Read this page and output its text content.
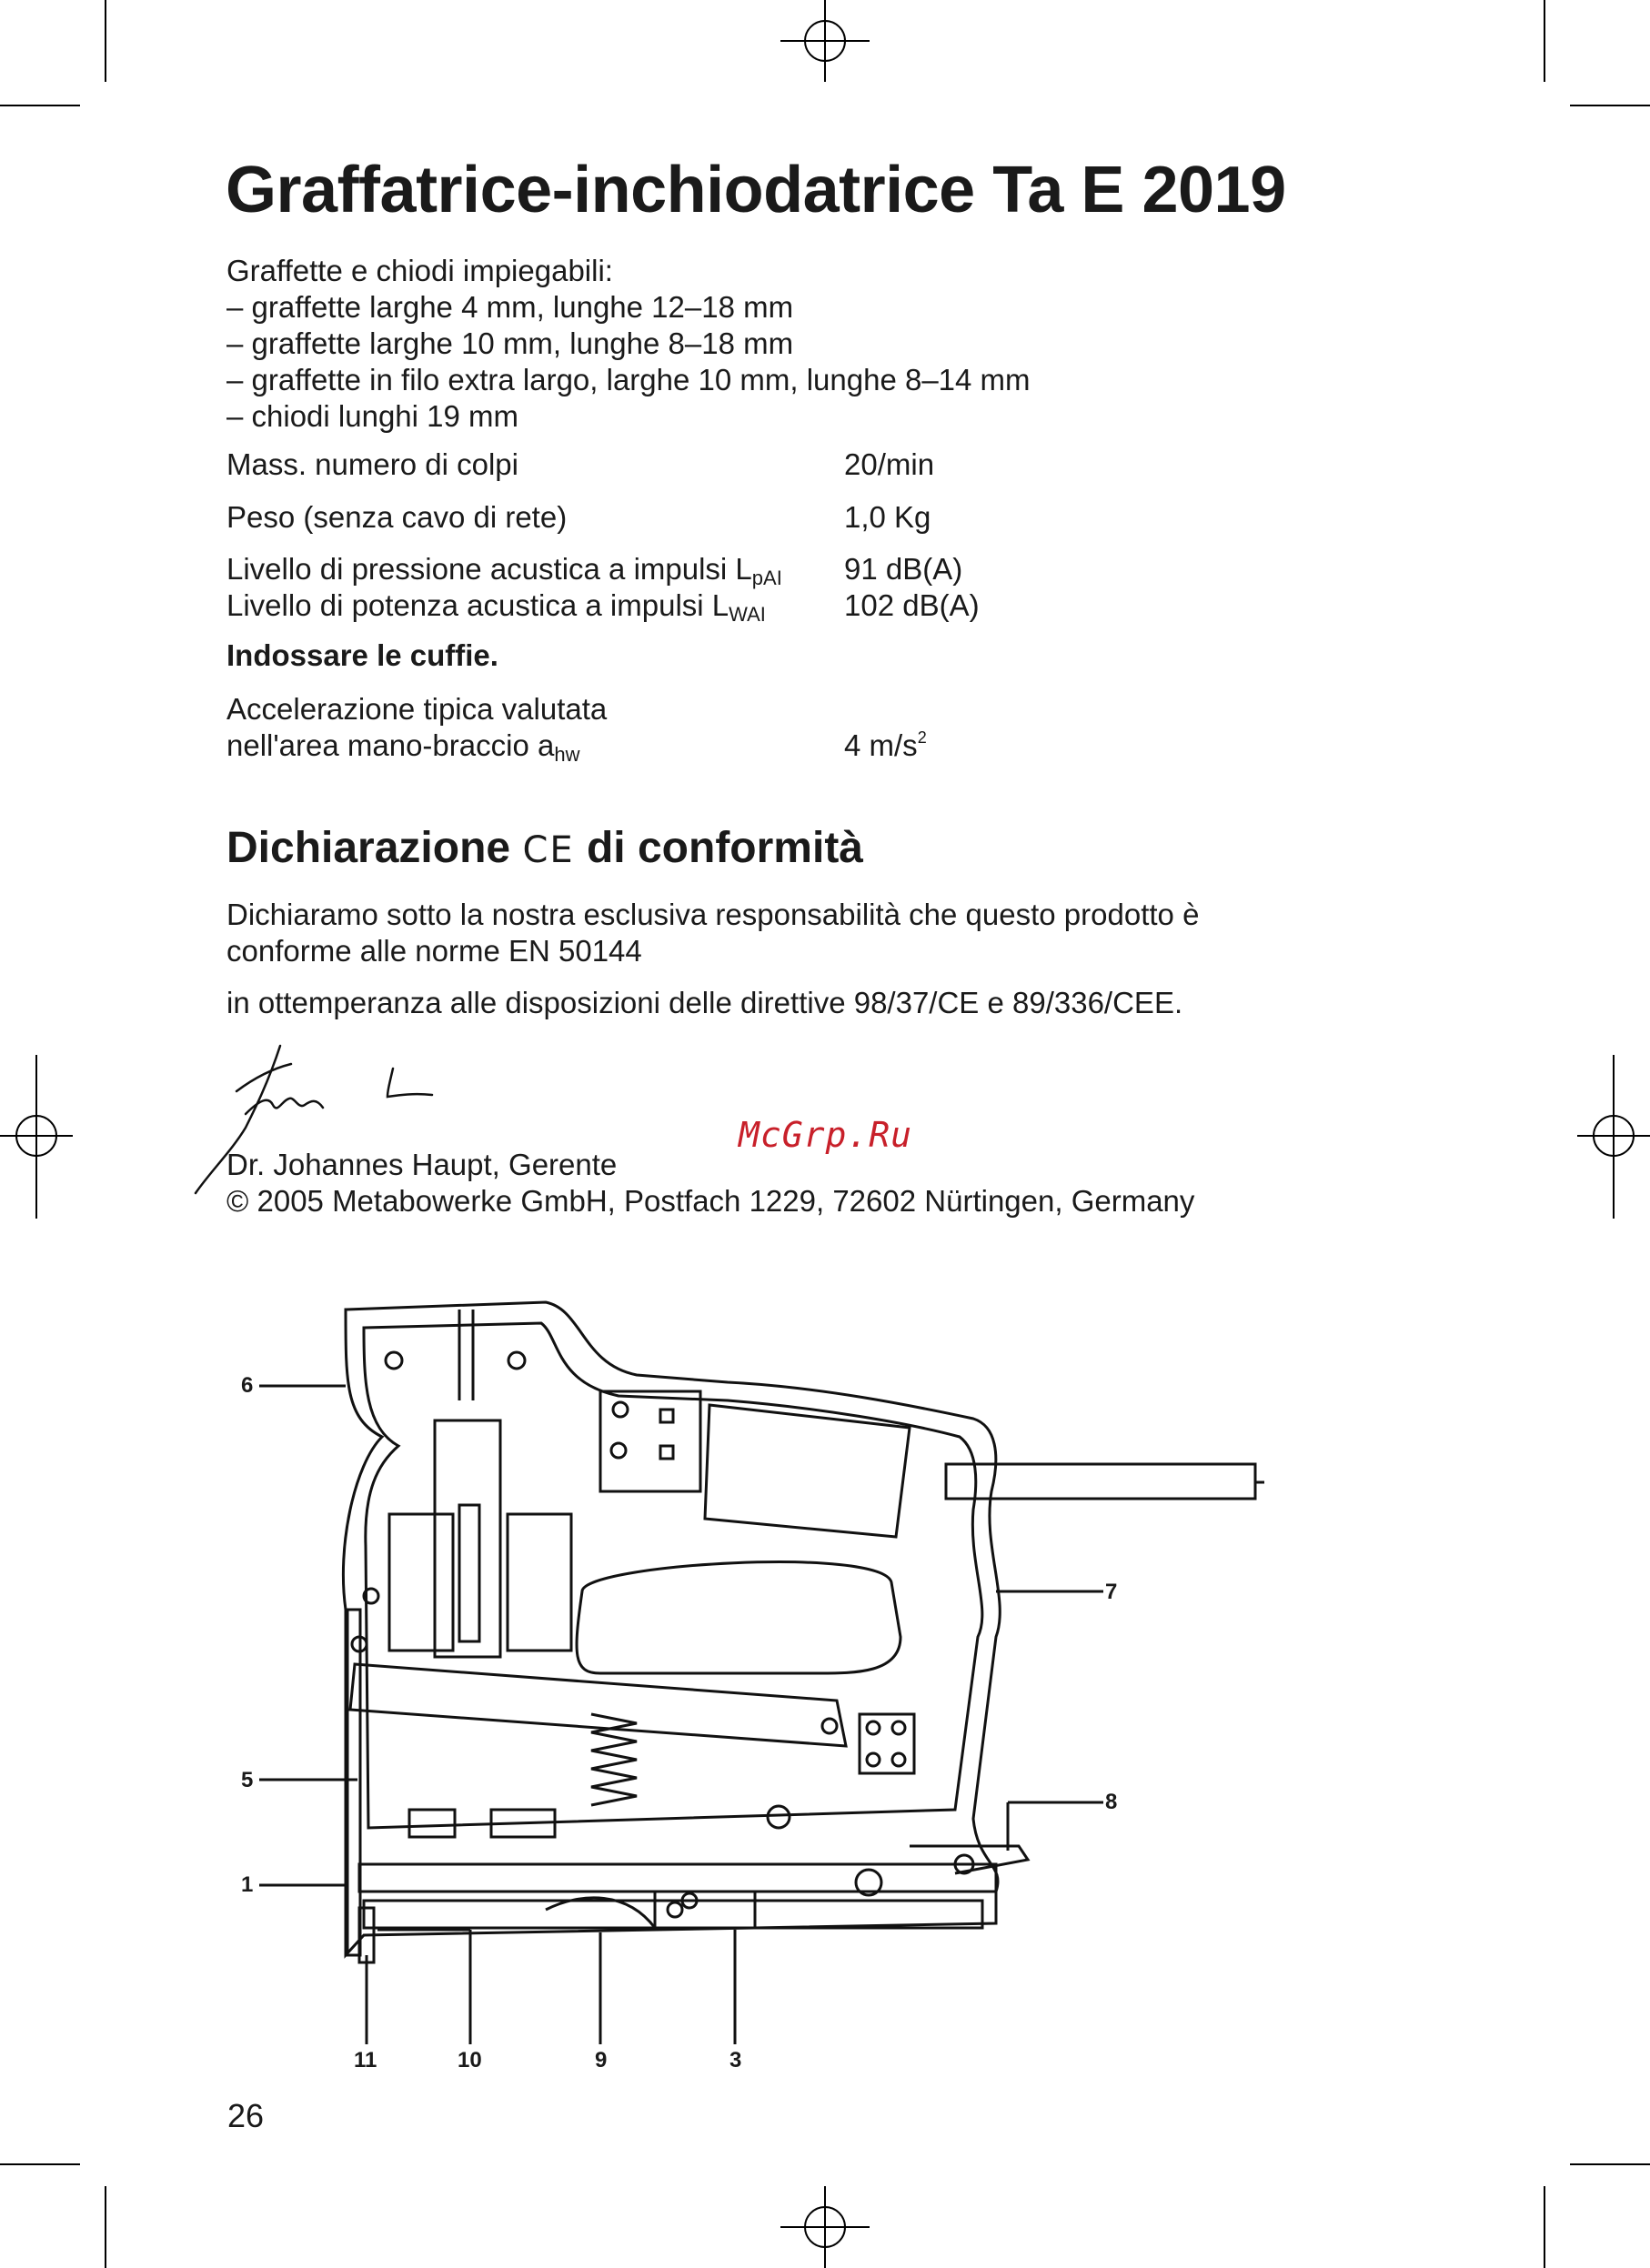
Graffatrice-inchiodatrice Ta E 2019
Graffette e chiodi impiegabili:
– graffette larghe 4 mm, lunghe 12–18 mm
– graffette larghe 10 mm, lunghe 8–18 mm
– graffette in filo extra largo, larghe 10 mm, lunghe 8–14 mm
– chiodi lunghi 19 mm
Mass. numero di colpi	20/min
Peso (senza cavo di rete)	1,0 Kg
Livello di pressione acustica a impulsi $L_{pAI}$ 91 dB(A)
Livello di potenza acustica a impulsi $L_{WAI}$	102 dB(A)
Indossare le cuffie.
Accelerazione tipica valutata
nell'area mano-braccio $a_{hw}$	4 $m/s^2$
Dichiarazione CE di conformità
Dichiaramo sotto la nostra esclusiva responsabilità che questo prodotto è
conforme alle norme EN 50144
in ottemperanza alle disposizioni delle direttive 98/37/CE e 89/336/CEE.
Dr. Johannes Haupt, Gerente
© 2005 Metabowerke GmbH, Postfach 1229, 72602 Nürtingen, Germany
McGrp.Ru
6
7
5
8
1
11	10	9	3
26
